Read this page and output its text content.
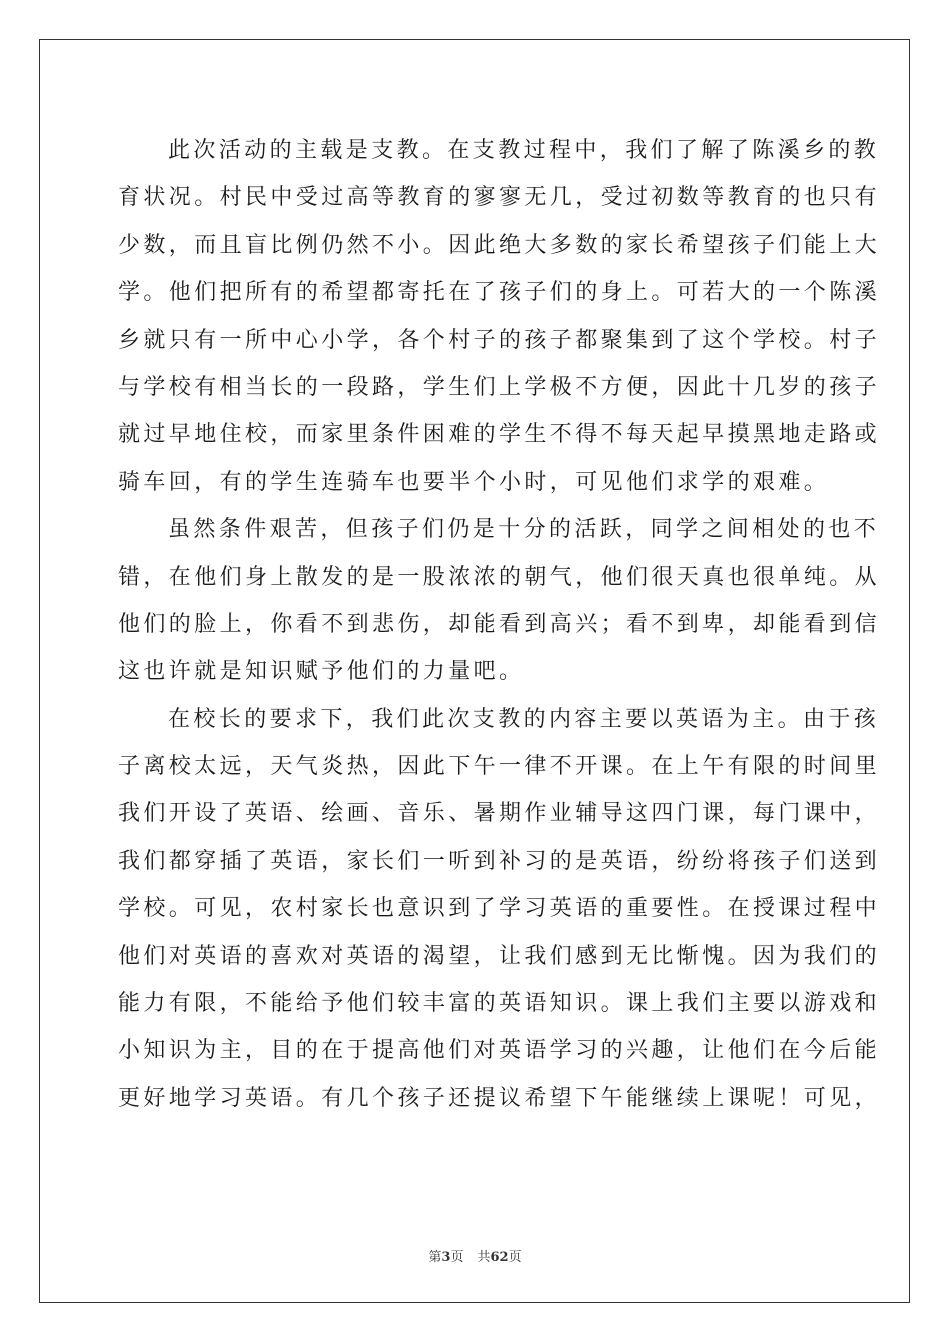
此次活动的主载是支教。在支教过程中，我们了解了陈溪乡的教
育状况。村民中受过高等教育的寥寥无几，受过初数等教育的也只有
少数，而且盲比例仍然不小。因此绝大多数的家长希望孩子们能上大
学。他们把所有的希望都寄托在了孩子们的身上。可若大的一个陈溪
乡就只有一所中心小学，各个村子的孩子都聚集到了这个学校。村子
与学校有相当长的一段路，学生们上学极不方便，因此十几岁的孩子
就过早地住校，而家里条件困难的学生不得不每天起早摸黑地走路或
骑车回，有的学生连骑车也要半个小时，可见他们求学的艰难。
虽然条件艰苦，但孩子们仍是十分的活跃，同学之间相处的也不
错，在他们身上散发的是一股浓浓的朝气，他们很天真也很单纯。从
他们的脸上，你看不到悲伤，却能看到高兴；看不到卑，却能看到信
这也许就是知识赋予他们的力量吧。
在校长的要求下，我们此次支教的内容主要以英语为主。由于孩
子离校太远，天气炎热，因此下午一律不开课。在上午有限的时间里
我们开设了英语、绘画、音乐、暑期作业辅导这四门课，每门课中，
我们都穿插了英语，家长们一听到补习的是英语，纷纷将孩子们送到
学校。可见，农村家长也意识到了学习英语的重要性。在授课过程中
他们对英语的喜欢对英语的渴望，让我们感到无比惭愧。因为我们的
能力有限，不能给予他们较丰富的英语知识。课上我们主要以游戏和
小知识为主，目的在于提高他们对英语学习的兴趣，让他们在今后能
更好地学习英语。有几个孩子还提议希望下午能继续上课呢！可见，
第3页 共62页
